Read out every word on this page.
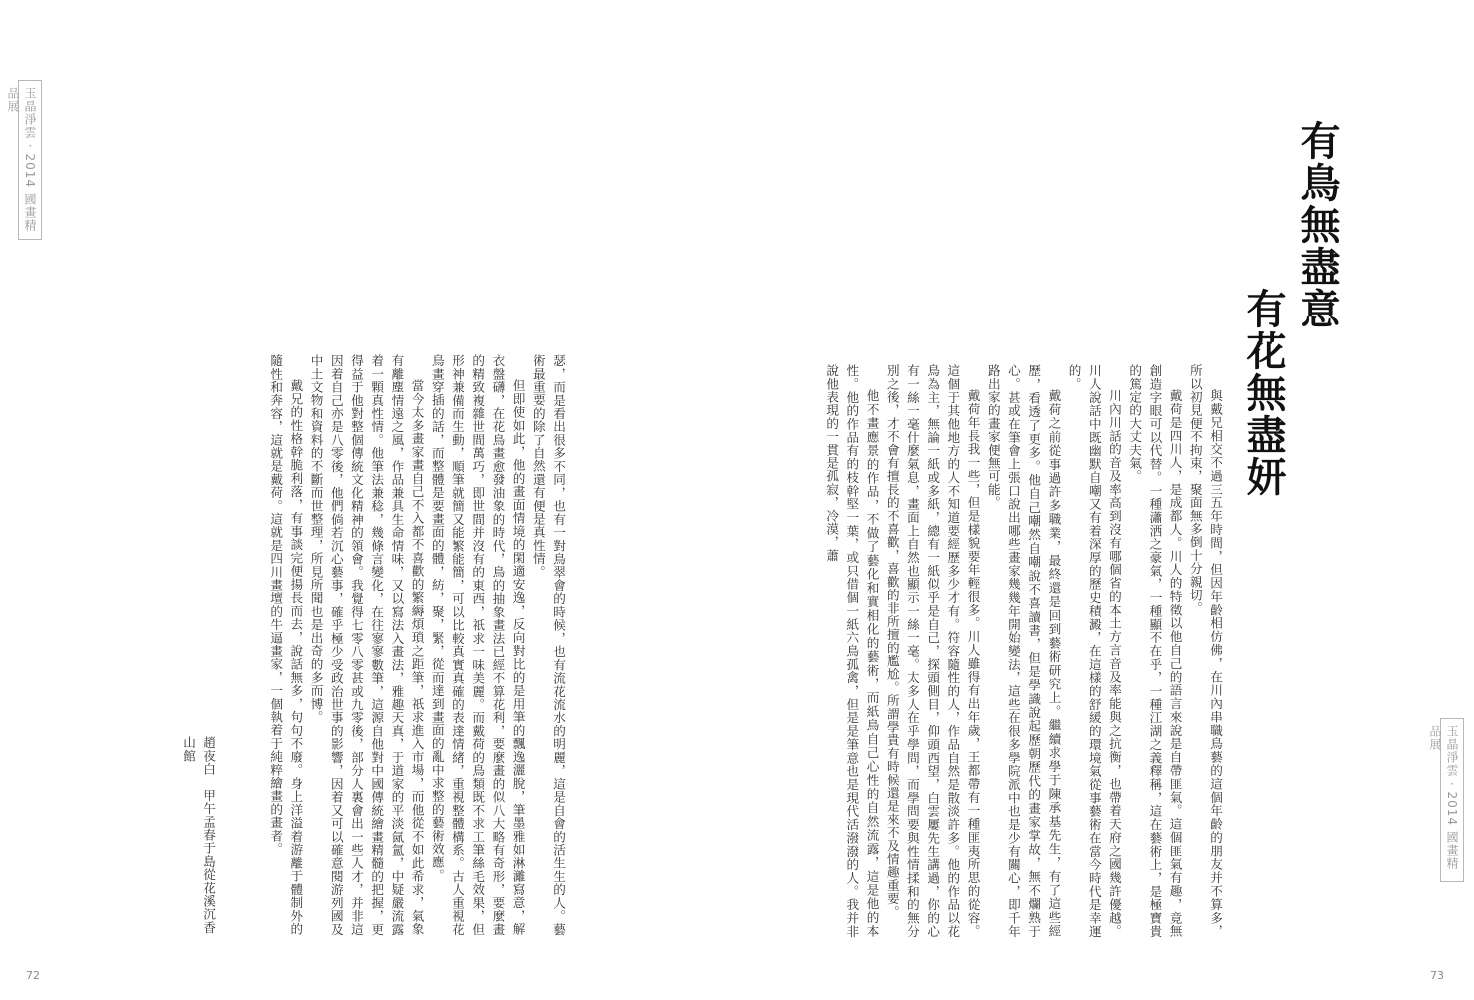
玉晶淨雲 · 2014 國畫精品展

瑟，而是看出很多不同，也有一對鳥翠會的時候，也有流花流水的明麗，這是自會的活生生的人。藝術最重要的除了自然還有便是真性情。

但即使如此，他的畫面情境的閑適安逸，反向對比的是用筆的飄逸灑脫，筆墨雅如淋灕寫意，解衣盤礴，在花鳥畫愈發油象的時代，鳥的抽象畫法已經不算花利，要麼畫的似八大略有奇形，要麼畫的精致複雜世間萬巧，即世間并沒有的東西，祇求一味美麗。而戴荷的鳥類既不求工筆絲毛效果，但形神兼備而生動，順筆就簡又能繁能簡，可以比較真實真確的表達情緒，重視整體構系。古人重視花鳥畫穿插的話，而整體是要畫面的體，紡，聚，緊，從而達到畫面的亂中求整的藝術效應。

當今太多畫家畫自己不入都不喜歡的繁縟煩瑣之距筆，祇求進入市場，而他從不如此希求，氣象有離塵情遠之風，作品兼具生命情味，又以寫法入畫法，雅趣天真，于道家的平淡氤氳，中疑嚴流露着一顆真性情。他筆法兼稔，幾條言變化，在往寥寥數筆，這源自他對中國傳統繪畫精髓的把握，更得益于他對整個傳統文化精神的領會。我覺得七零八零甚或九零後，部分人裏會出一些人才，并非這因着自己亦是八零後，他們倘若沉心藝事，確乎極少受政治世事的影響，因着又可以確意閱游列國及中土文物和資料的不斷而世整理，所見所聞也是出奇的多而博。

戴兄的性格幹脆利落，有事談完便揚長而去，說話無多，句句不廢。身上洋溢着游離于體制外的隨性和奔容，這就是戴荷。這就是四川畫壇的牛逼畫家，一個執着于純粹繪畫的畫者。

趙夜白　甲午孟春于島從花溪沉香山館
72
玉晶淨雲 · 2014 國畫精品展
73
有鳥無盡意
有花無盡妍

與戴兄相交不過三五年時間，但因年齡相仿佛，在川內串職鳥藝的這個年齡的朋友并不算多，所以初見便不拘束，聚面無多倒十分親切。

戴荷是四川人，是成都人。川人的特徵以他自己的語言來說是自帶匪氣。這個匪氣有趣，竟無創造字眼可以代替。一種瀟洒之豪氣，一種顯不在乎，一種江湖之義釋稱，這在藝術上，是極寶貴的篤定的大丈夫氣。

川內川話的音及率高到沒有哪個省的本土方言音及率能與之抗衡，也帶着天府之國幾許優越。川人說話中既幽默自嘲又有着深厚的歷史積澱，在這樣的舒緩的環境氣從事藝術在當今時代是幸運的。

戴荷之前從事過許多職業，最終還是回到藝術研究上。繼續求學于陳承基先生，有了這些經歷，看透了更多。他自己嘲然自嘲說不喜讀書，但是學識說起歷朝歷代的畫家掌故，無不爛熟于心。甚或在筆會上張口說出哪些畫家幾幾年開始變法，這些在很多學院派中也是少有關心，即千年路出家的畫家便無可能。

戴荷年長我一些，但是樣貌要年輕很多。川人雖得有出年歲，王都帶有一種匪夷所思的從容。這個于其他地方的人不知道要經歷多少才有。符容隨性的人，作品自然是散淡許多。他的作品以花鳥為主，無論一紙或多紙，總有一紙似乎是自己，探頭側目，仰頭西望，白雲屢先生講過，你的心有一絲一毫什麼氣息，畫面上自然也顯示一絲一毫。太多人在乎學問，而學問要與性情揉和的無分別之後，才不會有擅長的不喜歡，喜歡的非所擅的尷尬。所謂學貴有時候還是來不及情趣重要。

他不畫應景的作品，不做了藝化和實相化的藝術，而紙鳥自己心性的自然流露，這是他的本性。他的作品有的枝幹堅一葉，或只借個一紙六鳥孤禽，但是是筆意也是現代活潑潑的人。我并非說他表現的一貫是孤寂，冷漠，蕭
